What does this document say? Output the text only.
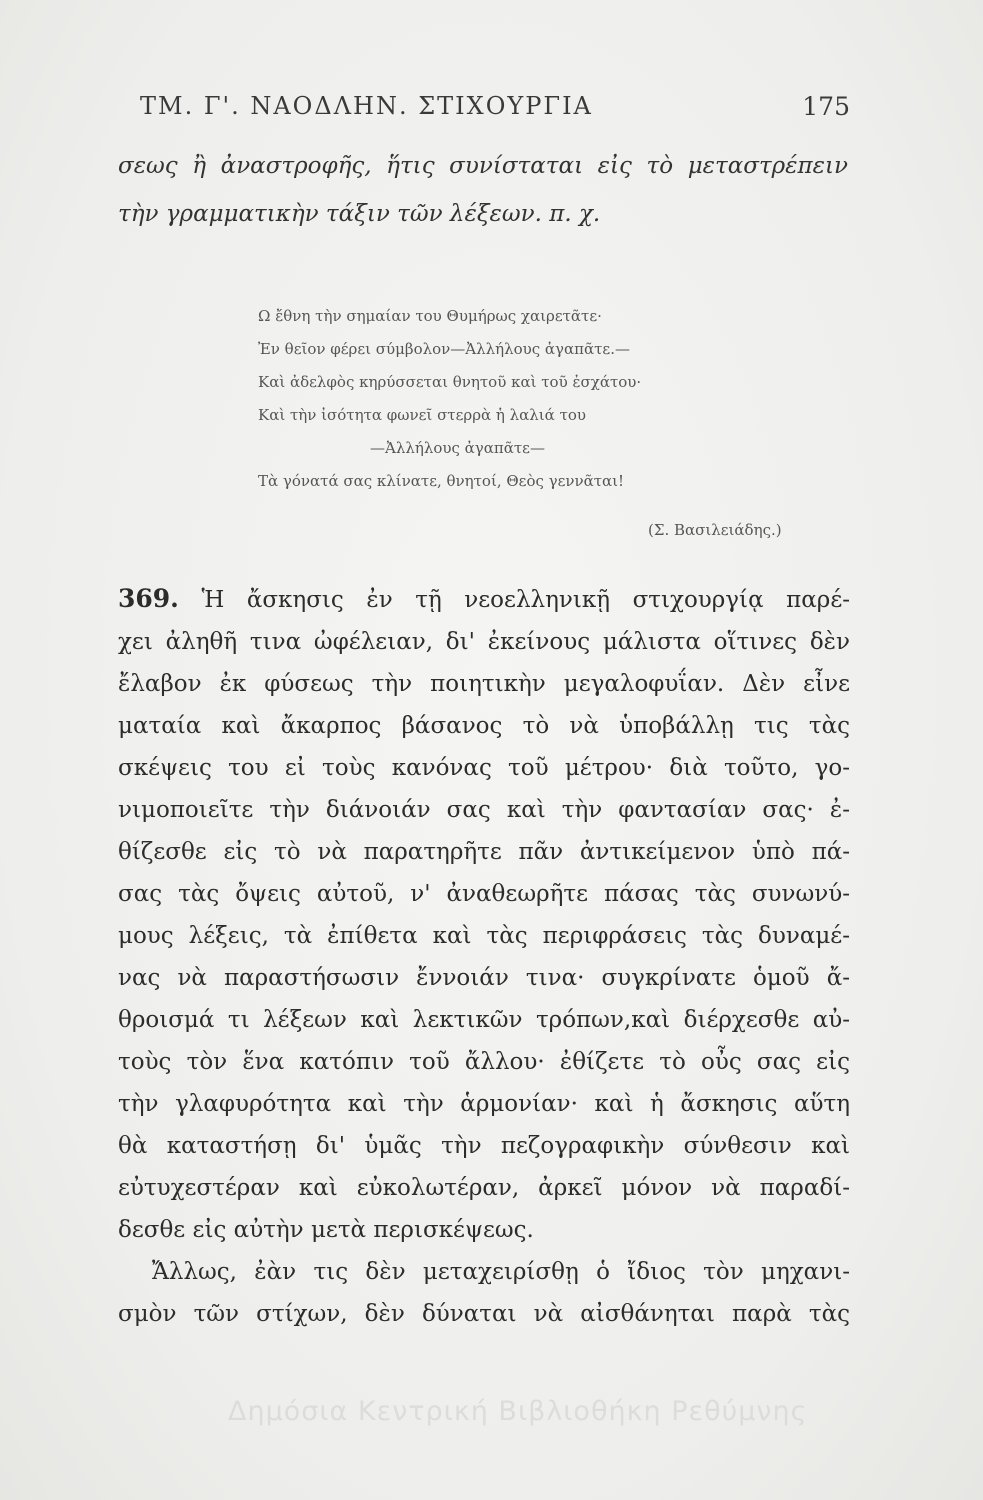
ΤΜ. Γ'. ΝΑΟΔΛΗΝ. ΣΤΙΧΟΥΡΓΙΑ	175
σεως ἢ ἀναστροφῆς, ἥτις συνίσταται εἰς τὸ μεταστρέπειν
τὴν γραμματικὴν τάξιν τῶν λέξεων. π. χ.
Ω ἔθνη τὴν σημαίαν του Θυμήρως χαιρετᾶτε·
Ἐν θεῖον φέρει σύμβολον—Ἀλλήλους ἀγαπᾶτε.—
Καὶ ἀδελφὸς κηρύσσεται θνητοῦ καὶ τοῦ ἐσχάτου·
Καὶ τὴν ἰσότητα φωνεῖ στερρὰ ἡ λαλιά του
—Ἀλλήλους ἀγαπᾶτε—
Τὰ γόνατά σας κλίνατε, θνητοί, Θεὸς γεννᾶται!
(Σ. Βασιλειάδης.)
369. Ἡ ἄσκησις ἐν τῇ νεοελληνικῇ στιχουργίᾳ παρέ-
χει ἀληθῆ τινα ὠφέλειαν, δι' ἐκείνους μάλιστα οἵτινες δὲν
ἔλαβον ἐκ φύσεως τὴν ποιητικὴν μεγαλοφυΐαν. Δὲν εἶνε
ματαία καὶ ἄκαρπος βάσανος τὸ νὰ ὑποβάλλῃ τις τὰς
σκέψεις του εἰ τοὺς κανόνας τοῦ μέτρου· διὰ τοῦτο, γο-
νιμοποιεῖτε τὴν διάνοιάν σας καὶ τὴν φαντασίαν σας· ἐ-
θίζεσθε εἰς τὸ νὰ παρατηρῆτε πᾶν ἀντικείμενον ὑπὸ πά-
σας τὰς ὄψεις αὐτοῦ, ν' ἀναθεωρῆτε πάσας τὰς συνωνύ-
μους λέξεις, τὰ ἐπίθετα καὶ τὰς περιφράσεις τὰς δυναμέ-
νας νὰ παραστήσωσιν ἔννοιάν τινα· συγκρίνατε ὁμοῦ ἄ-
θροισμά τι λέξεων καὶ λεκτικῶν τρόπων,καὶ διέρχεσθε αὐ-
τοὺς τὸν ἕνα κατόπιν τοῦ ἄλλου· ἐθίζετε τὸ οὖς σας εἰς
τὴν γλαφυρότητα καὶ τὴν ἁρμονίαν· καὶ ἡ ἄσκησις αὕτη
θὰ καταστήσῃ δι' ὑμᾶς τὴν πεζογραφικὴν σύνθεσιν καὶ
εὐτυχεστέραν καὶ εὐκολωτέραν, ἀρκεῖ μόνον νὰ παραδί-
δεσθε εἰς αὐτὴν μετὰ περισκέψεως.
Ἄλλως, ἐὰν τις δὲν μεταχειρίσθῃ ὁ ἴδιος τὸν μηχανι-
σμὸν τῶν στίχων, δὲν δύναται νὰ αἰσθάνηται παρὰ τὰς
Δημόσια Κεντρική Βιβλιοθήκη Ρεθύμνης
